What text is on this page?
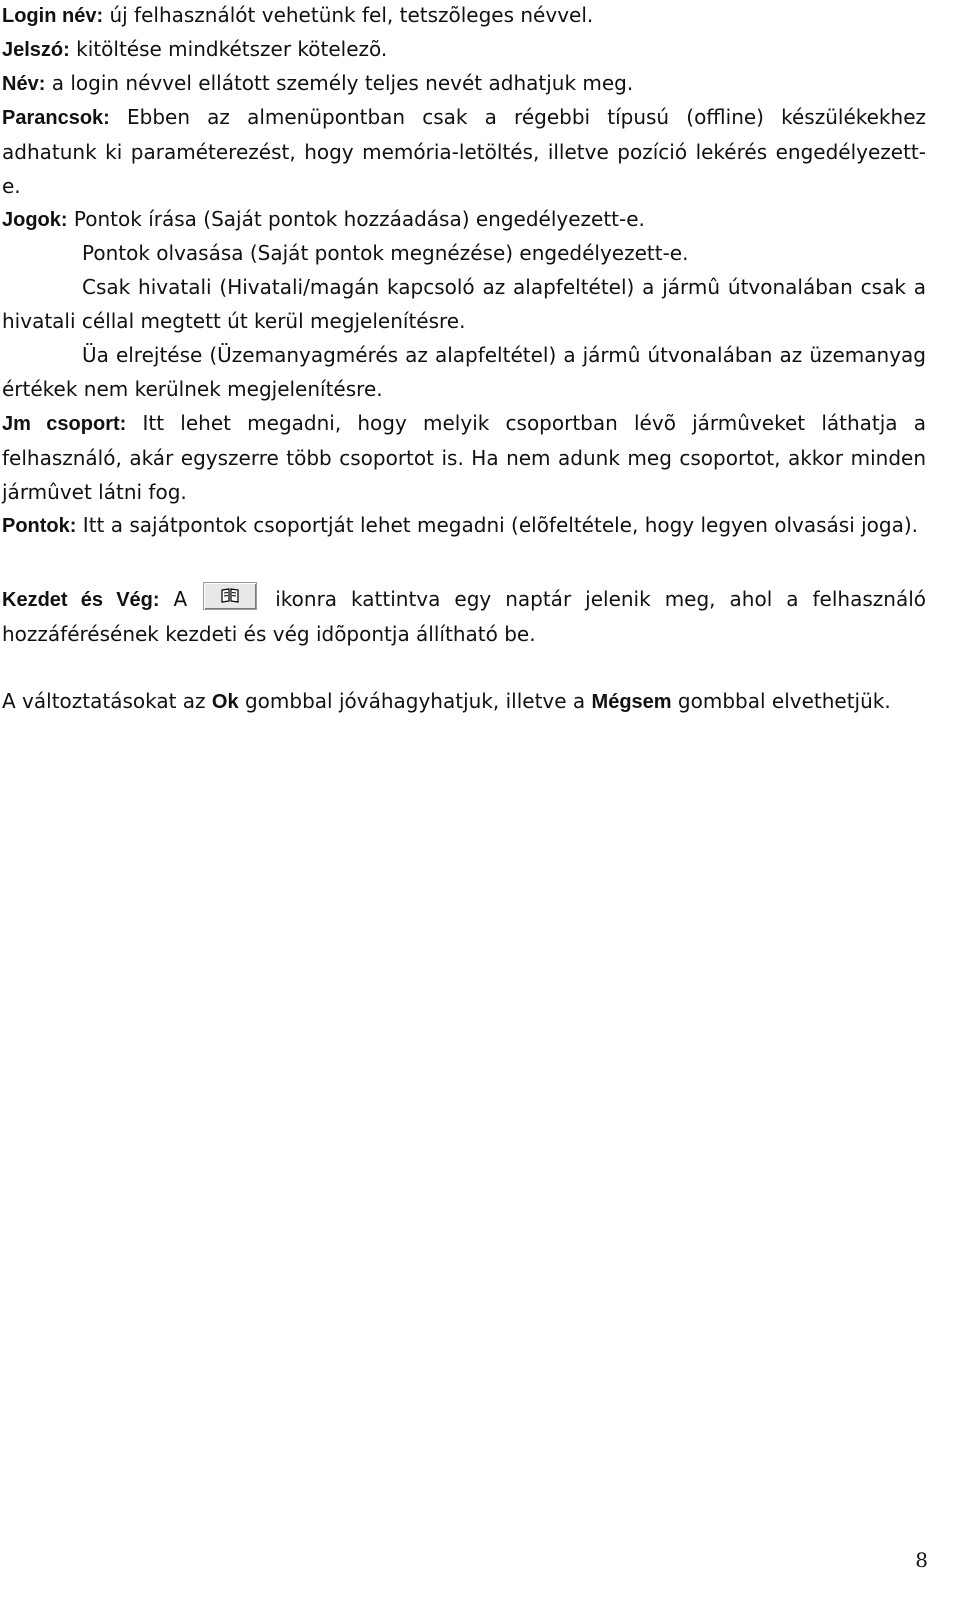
Login név: új felhasználót vehetünk fel, tetszõleges névvel.

Jelszó: kitöltése mindkétszer kötelezõ.

Név: a login névvel ellátott személy teljes nevét adhatjuk meg.

Parancsok: Ebben az almenüpontban csak a régebbi típusú (offline) készülékekhez adhatunk ki paraméterezést, hogy memória-letöltés, illetve pozíció lekérés engedélyezett-e.

Jogok: Pontok írása (Saját pontok hozzáadása) engedélyezett-e.

Pontok olvasása (Saját pontok megnézése) engedélyezett-e.

Csak hivatali (Hivatali/magán kapcsoló az alapfeltétel) a jármû útvonalában csak a hivatali céllal megtett út kerül megjelenítésre.

Üa elrejtése (Üzemanyagmérés az alapfeltétel) a jármû útvonalában az üzemanyag értékek nem kerülnek megjelenítésre.

Jm csoport: Itt lehet megadni, hogy melyik csoportban lévõ jármûveket láthatja a felhasználó, akár egyszerre több csoportot is. Ha nem adunk meg csoportot, akkor minden jármûvet látni fog.

Pontok: Itt a sajátpontok csoportját lehet megadni (elõfeltétele, hogy legyen olvasási joga).

Kezdet és Vég: A	ikonra kattintva egy naptár jelenik meg, ahol a felhasználó hozzáférésének kezdeti és vég idõpontja állítható be.

A változtatásokat az Ok gombbal jóváhagyhatjuk, illetve a Mégsem gombbal elvethetjük.

8
